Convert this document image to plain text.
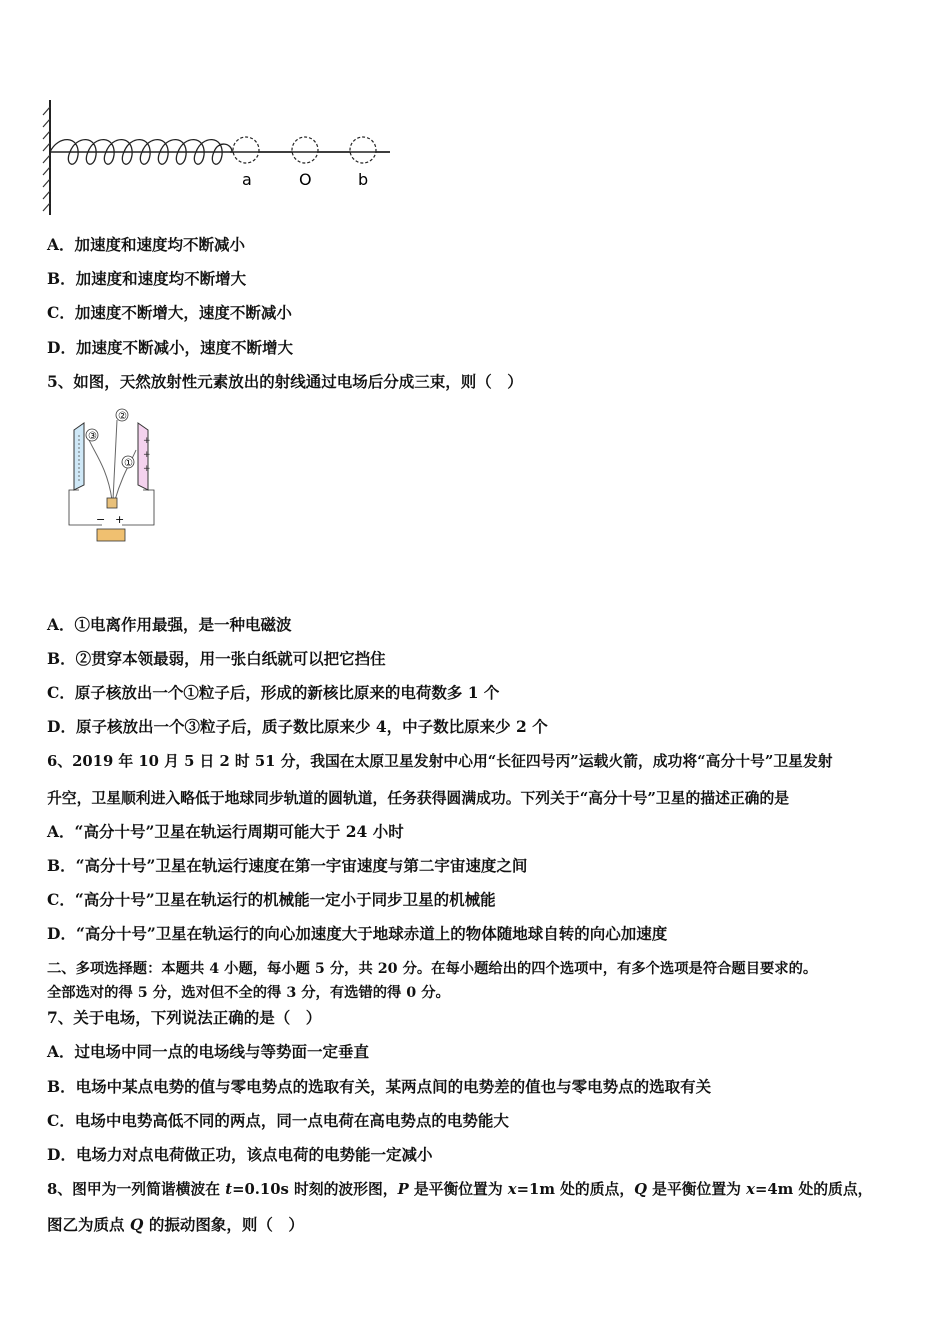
a	O	b
A．加速度和速度均不断减小
B．加速度和速度均不断增大
C．加速度不断增大，速度不断减小
D．加速度不断减小，速度不断增大
5、如图，天然放射性元素放出的射线通过电场后分成三束，则（　）
+
+
+
③
②
①
− +
A．①电离作用最强，是一种电磁波
B．②贯穿本领最弱，用一张白纸就可以把它挡住
C．原子核放出一个①粒子后，形成的新核比原来的电荷数多 1 个
D．原子核放出一个③粒子后，质子数比原来少 4，中子数比原来少 2 个
6、2019 年 10 月 5 日 2 时 51 分，我国在太原卫星发射中心用“长征四号丙”运载火箭，成功将“高分十号”卫星发射
升空，卫星顺利进入略低于地球同步轨道的圆轨道，任务获得圆满成功。下列关于“高分十号”卫星的描述正确的是
A．“高分十号”卫星在轨运行周期可能大于 24 小时
B．“高分十号”卫星在轨运行速度在第一宇宙速度与第二宇宙速度之间
C．“高分十号”卫星在轨运行的机械能一定小于同步卫星的机械能
D．“高分十号”卫星在轨运行的向心加速度大于地球赤道上的物体随地球自转的向心加速度
二、多项选择题：本题共 4 小题，每小题 5 分，共 20 分。在每小题给出的四个选项中，有多个选项是符合题目要求的。
全部选对的得 5 分，选对但不全的得 3 分，有选错的得 0 分。
7、关于电场，下列说法正确的是（　）
A．过电场中同一点的电场线与等势面一定垂直
B．电场中某点电势的值与零电势点的选取有关，某两点间的电势差的值也与零电势点的选取有关
C．电场中电势高低不同的两点，同一点电荷在高电势点的电势能大
D．电场力对点电荷做正功，该点电荷的电势能一定减小
8、图甲为一列简谐横波在 t=0.10s 时刻的波形图，P 是平衡位置为 x=1m 处的质点，Q 是平衡位置为 x=4m 处的质点，
图乙为质点 Q 的振动图象，则（　）
